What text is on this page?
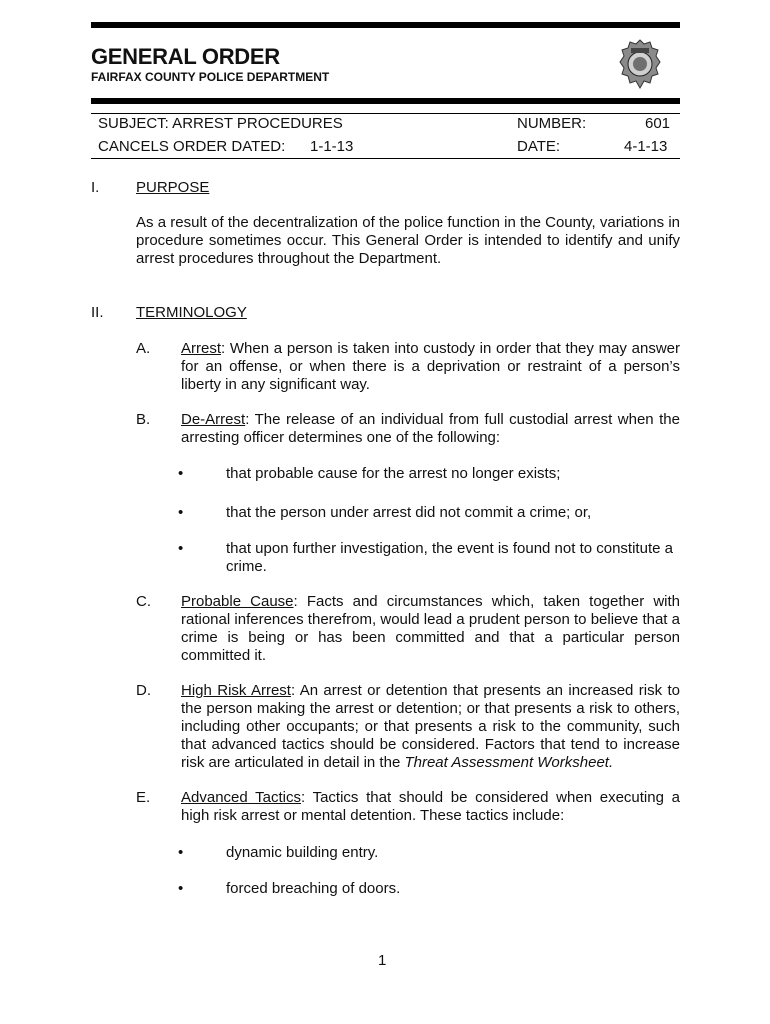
GENERAL ORDER
FAIRFAX COUNTY POLICE DEPARTMENT
SUBJECT: ARREST PROCEDURES	NUMBER:	601
CANCELS ORDER DATED: 1-1-13	DATE:	4-1-13
I. PURPOSE
As a result of the decentralization of the police function in the County, variations in procedure sometimes occur. This General Order is intended to identify and unify arrest procedures throughout the Department.
II. TERMINOLOGY
A. Arrest: When a person is taken into custody in order that they may answer for an offense, or when there is a deprivation or restraint of a person’s liberty in any significant way.
B. De-Arrest: The release of an individual from full custodial arrest when the arresting officer determines one of the following:
•	that probable cause for the arrest no longer exists;
•	that the person under arrest did not commit a crime; or,
•	that upon further investigation, the event is found not to constitute a crime.
C. Probable Cause: Facts and circumstances which, taken together with rational inferences therefrom, would lead a prudent person to believe that a crime is being or has been committed and that a particular person committed it.
D. High Risk Arrest: An arrest or detention that presents an increased risk to the person making the arrest or detention; or that presents a risk to others, including other occupants; or that presents a risk to the community, such that advanced tactics should be considered. Factors that tend to increase risk are articulated in detail in the Threat Assessment Worksheet.
E. Advanced Tactics: Tactics that should be considered when executing a high risk arrest or mental detention. These tactics include:
•	dynamic building entry.
•	forced breaching of doors.
1
